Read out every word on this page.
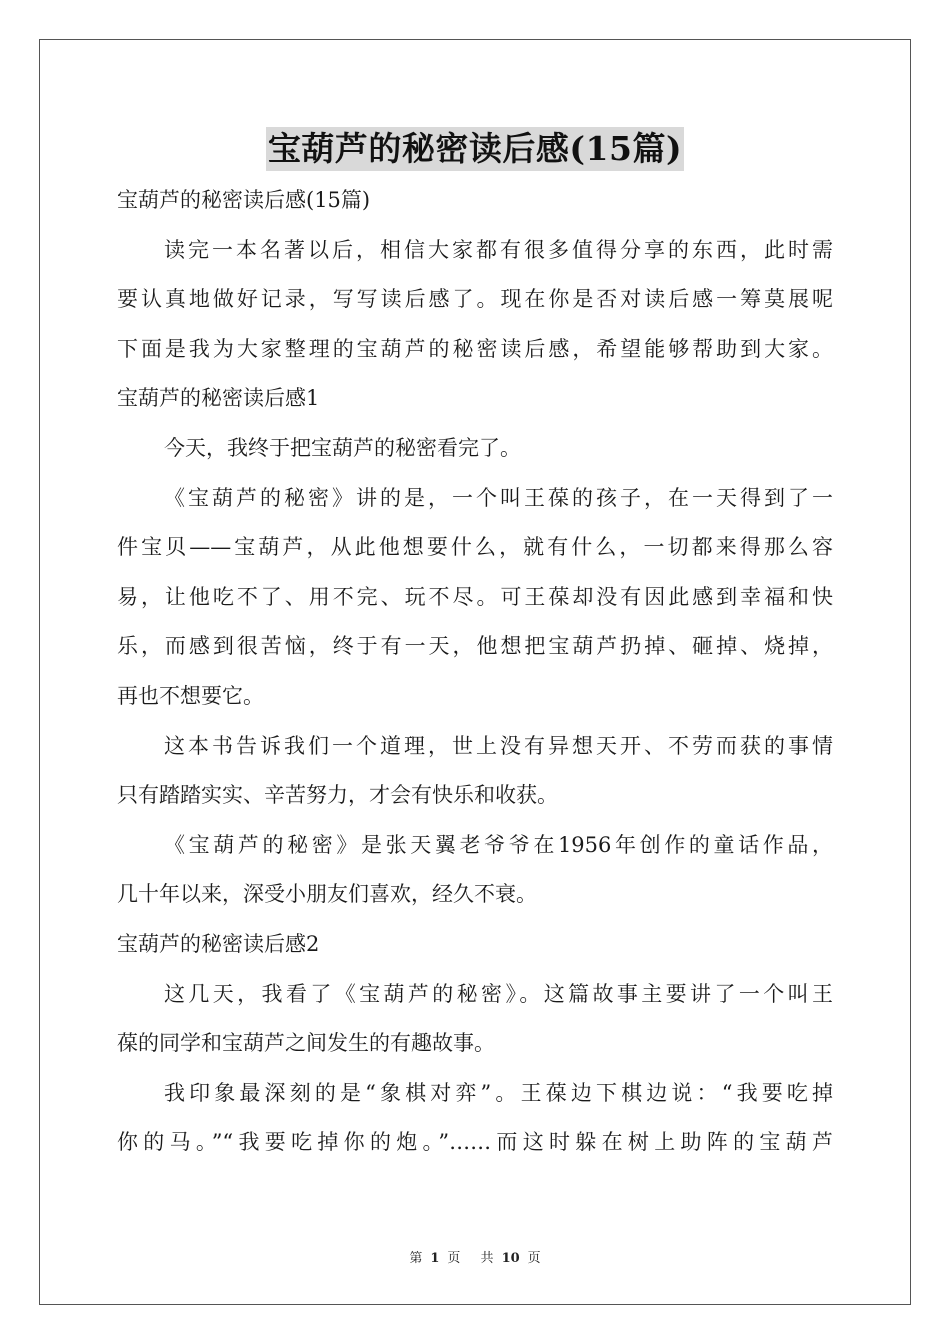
宝葫芦的秘密读后感(15篇)
宝葫芦的秘密读后感(15篇)
读完一本名著以后，相信大家都有很多值得分享的东西，此时需
要认真地做好记录，写写读后感了。现在你是否对读后感一筹莫展呢
下面是我为大家整理的宝葫芦的秘密读后感，希望能够帮助到大家。
宝葫芦的秘密读后感1
今天，我终于把宝葫芦的秘密看完了。
《宝葫芦的秘密》讲的是，一个叫王葆的孩子，在一天得到了一
件宝贝——宝葫芦，从此他想要什么，就有什么，一切都来得那么容
易，让他吃不了、用不完、玩不尽。可王葆却没有因此感到幸福和快
乐，而感到很苦恼，终于有一天，他想把宝葫芦扔掉、砸掉、烧掉，
再也不想要它。
这本书告诉我们一个道理，世上没有异想天开、不劳而获的事情
只有踏踏实实、辛苦努力，才会有快乐和收获。
《宝葫芦的秘密》是张天翼老爷爷在1956年创作的童话作品，
几十年以来，深受小朋友们喜欢，经久不衰。
宝葫芦的秘密读后感2
这几天，我看了《宝葫芦的秘密》。这篇故事主要讲了一个叫王
葆的同学和宝葫芦之间发生的有趣故事。
我印象最深刻的是“象棋对弈”。王葆边下棋边说：“我要吃掉
你的马。”“我要吃掉你的炮。”……而这时躲在树上助阵的宝葫芦
第 1 页 共 10 页
